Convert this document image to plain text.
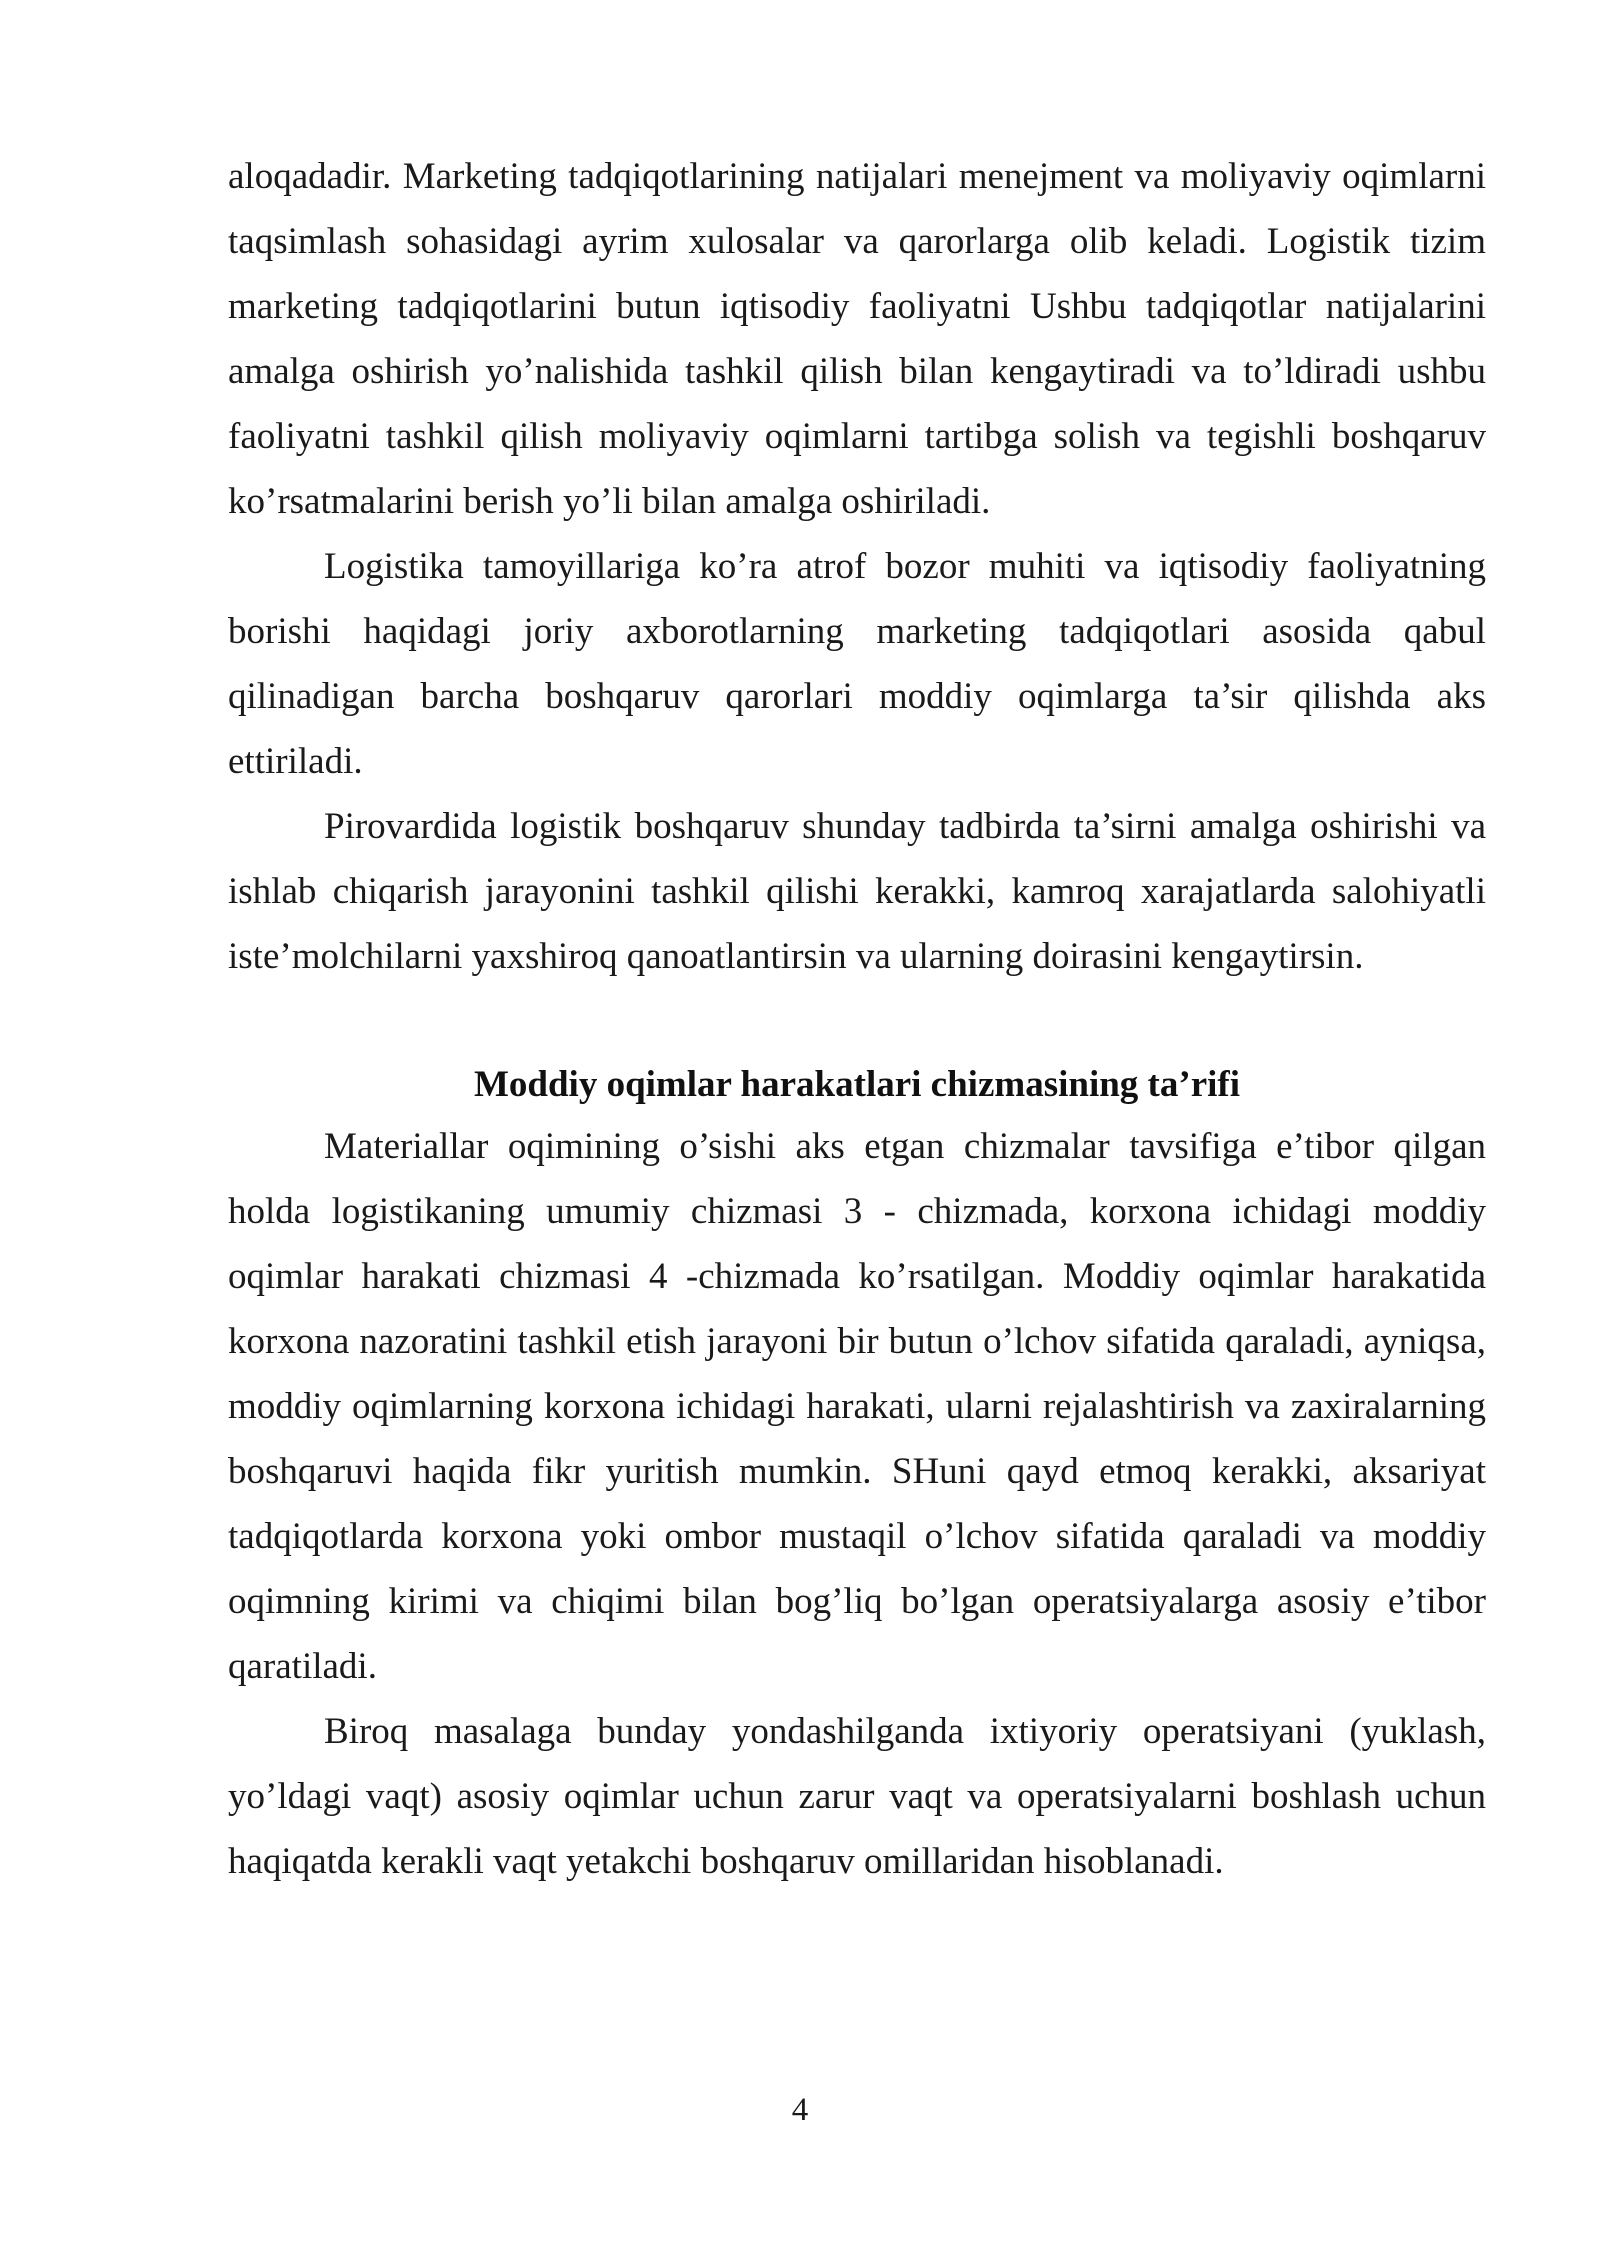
aloqadadir. Marketing tadqiqotlarining natijalari menejment va moliyaviy oqimlarni taqsimlash sohasidagi ayrim xulosalar va qarorlarga olib keladi. Logistik tizim marketing tadqiqotlarini butun iqtisodiy faoliyatni Ushbu tadqiqotlar natijalarini amalga oshirish yo’nalishida tashkil qilish bilan kengaytiradi va to’ldiradi ushbu faoliyatni tashkil qilish moliyaviy oqimlarni tartibga solish va tegishli boshqaruv ko’rsatmalarini berish yo’li bilan amalga oshiriladi.

Logistika tamoyillariga ko’ra atrof bozor muhiti va iqtisodiy faoliyatning borishi haqidagi joriy axborotlarning marketing tadqiqotlari asosida qabul qilinadigan barcha boshqaruv qarorlari moddiy oqimlarga ta’sir qilishda aks ettiriladi.

Pirovardida logistik boshqaruv shunday tadbirda ta’sirni amalga oshirishi va ishlab chiqarish jarayonini tashkil qilishi kerakki, kamroq xarajatlarda salohiyatli iste’molchilarni yaxshiroq qanoatlantirsin va ularning doirasini kengaytirsin.

Moddiy oqimlar harakatlari chizmasining ta’rifi

Materiallar oqimining o’sishi aks etgan chizmalar tavsifiga e’tibor qilgan holda logistikaning umumiy chizmasi 3 - chizmada, korxona ichidagi moddiy oqimlar harakati chizmasi 4 -chizmada ko’rsatilgan. Moddiy oqimlar harakatida korxona nazoratini tashkil etish jarayoni bir butun o’lchov sifatida qaraladi, ayniqsa, moddiy oqimlarning korxona ichidagi harakati, ularni rejalashtirish va zaxiralarning boshqaruvi haqida fikr yuritish mumkin. SHuni qayd etmoq kerakki, aksariyat tadqiqotlarda korxona yoki ombor mustaqil o’lchov sifatida qaraladi va moddiy oqimning kirimi va chiqimi bilan bog’liq bo’lgan operatsiyalarga asosiy e’tibor qaratiladi.

Biroq masalaga bunday yondashilganda ixtiyoriy operatsiyani (yuklash, yo’ldagi vaqt) asosiy oqimlar uchun zarur vaqt va operatsiyalarni boshlash uchun haqiqatda kerakli vaqt yetakchi boshqaruv omillaridan hisoblanadi.

4
